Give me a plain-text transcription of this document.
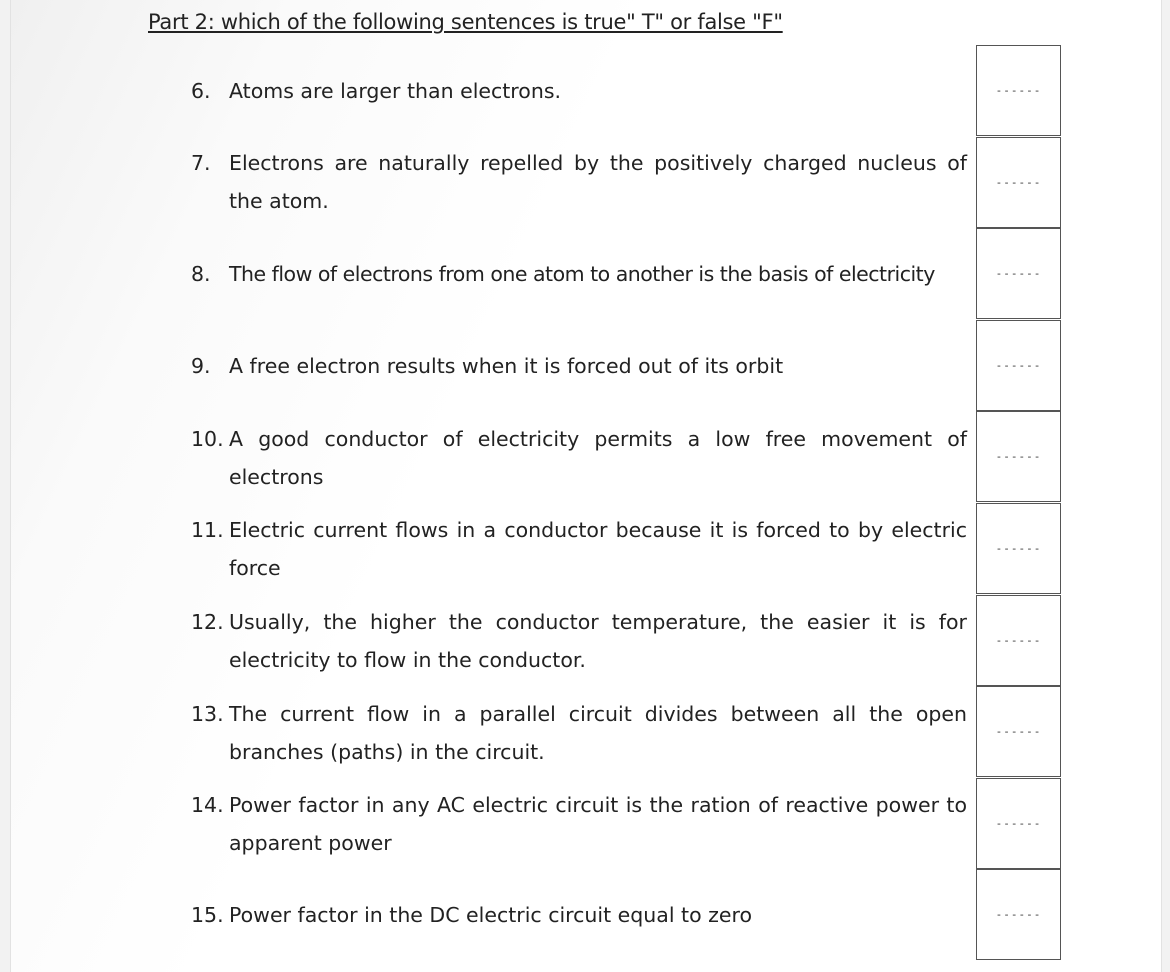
Part 2: which of the following sentences is true" T" or false "F"
6. Atoms are larger than electrons.
7. Electrons are naturally repelled by the positively charged nucleus of the atom.
8. The flow of electrons from one atom to another is the basis of electricity
9. A free electron results when it is forced out of its orbit
10. A good conductor of electricity permits a low free movement of electrons
11. Electric current flows in a conductor because it is forced to by electric force
12. Usually, the higher the conductor temperature, the easier it is for electricity to flow in the conductor.
13. The current flow in a parallel circuit divides between all the open branches (paths) in the circuit.
14. Power factor in any AC electric circuit is the ration of reactive power to apparent power
15. Power factor in the DC electric circuit equal to zero
------
------
------
------
------
------
------
------
------
------
